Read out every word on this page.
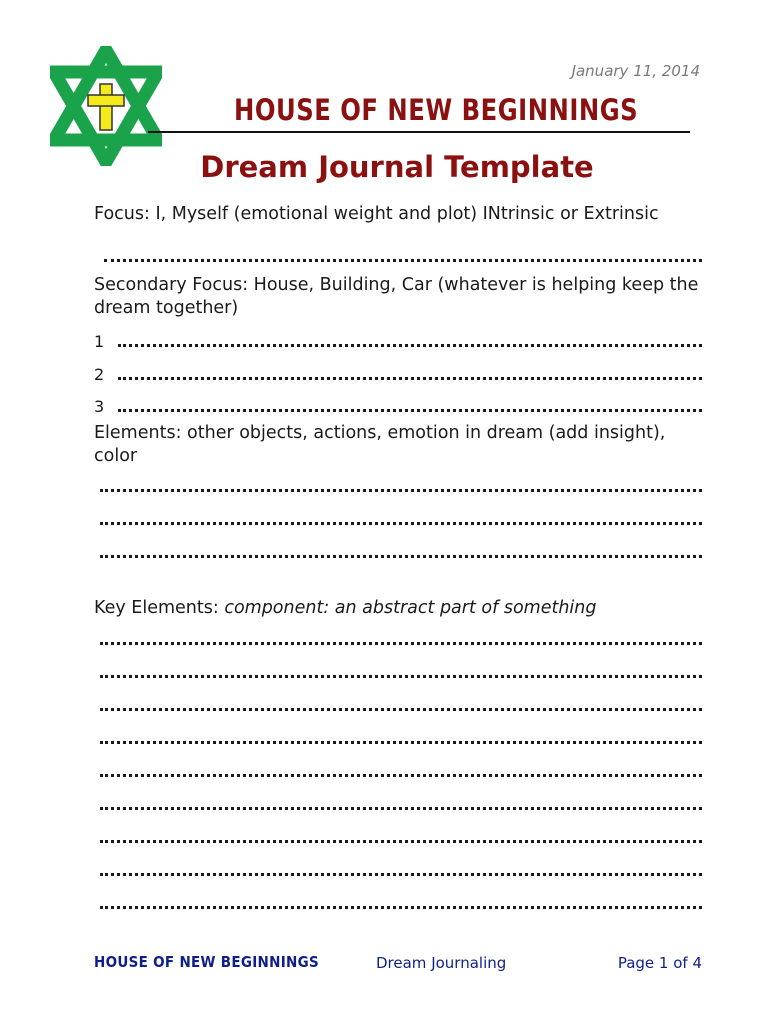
January 11, 2014
HOUSE OF NEW BEGINNINGS
Dream Journal Template
Focus: I, Myself (emotional weight and plot) INtrinsic or Extrinsic
Secondary Focus: House, Building, Car (whatever is helping keep the dream together)
1
2
3
Elements: other objects, actions, emotion in dream (add insight), color
Key Elements: component: an abstract part of something
HOUSE OF NEW BEGINNINGS	Dream Journaling	Page 1 of 4
